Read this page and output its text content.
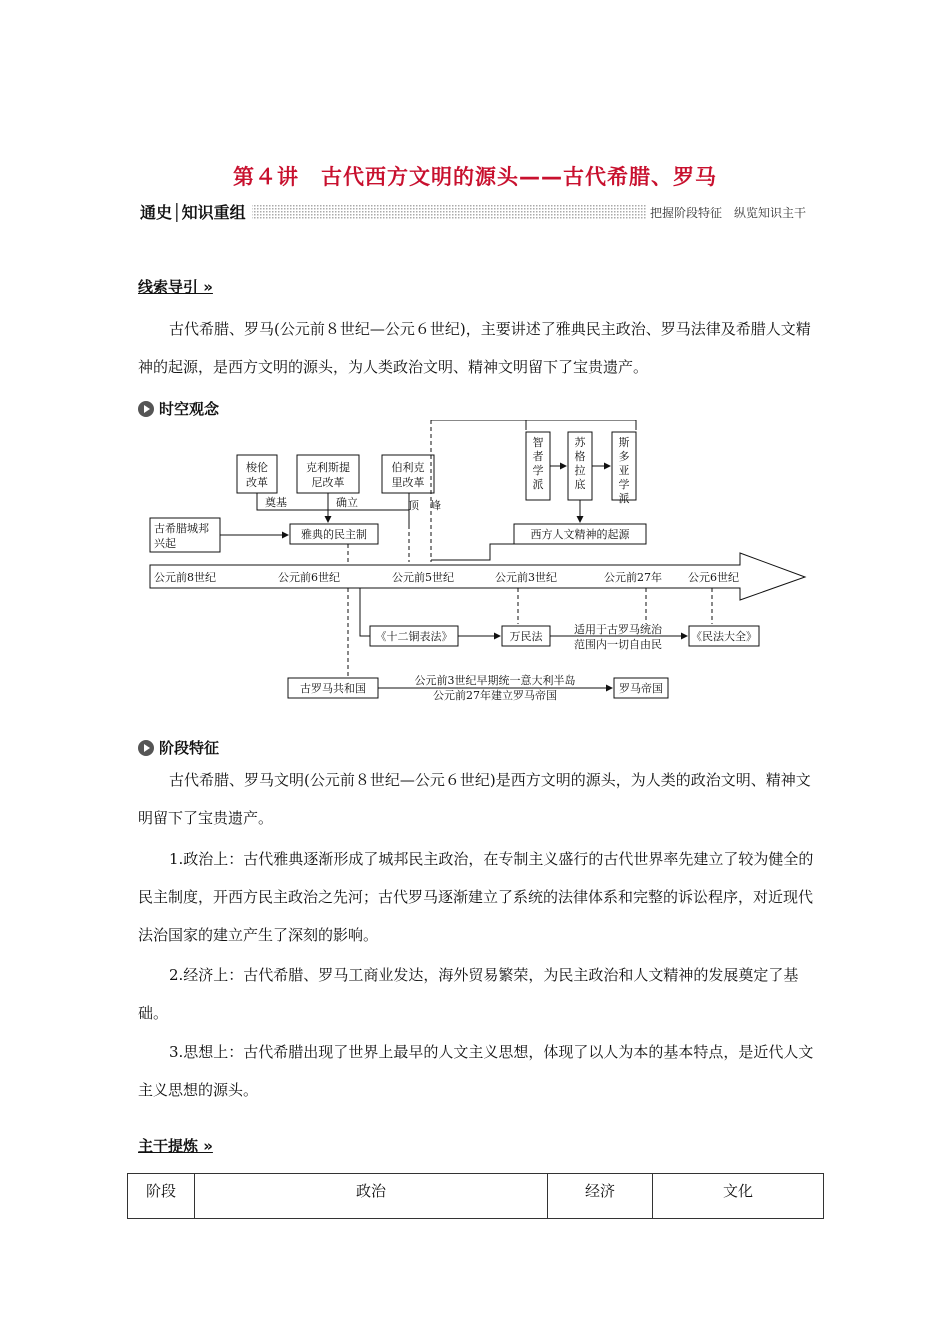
第４讲　古代西方文明的源头——古代希腊、罗马
通史│知识重组	把握阶段特征　纵览知识主干
线索导引 »
古代希腊、罗马(公元前８世纪—公元６世纪)，主要讲述了雅典民主政治、罗马法律及希腊人文精神的起源，是西方文明的源头，为人类政治文明、精神文明留下了宝贵遗产。
时空观念
公元前8世纪	公元前6世纪	公元前5世纪	公元前3世纪	公元前27年 公元6世纪
梭伦
改革
克利斯提
尼改革
伯利克
里改革
奠基	确立	顶　峰
古希腊城邦
兴起
雅典的民主制
智
者
学
派
苏
格
拉
底
斯
多
亚
学
派
西方人文精神的起源
《十二铜表法》	万民法
适用于古罗马统治
范围内一切自由民
《民法大全》
古罗马共和国
公元前3世纪早期统一意大利半岛
公元前27年建立罗马帝国
罗马帝国
阶段特征
古代希腊、罗马文明(公元前８世纪—公元６世纪)是西方文明的源头，为人类的政治文明、精神文明留下了宝贵遗产。
1.政治上：古代雅典逐渐形成了城邦民主政治，在专制主义盛行的古代世界率先建立了较为健全的民主制度，开西方民主政治之先河；古代罗马逐渐建立了系统的法律体系和完整的诉讼程序，对近现代法治国家的建立产生了深刻的影响。
2.经济上：古代希腊、罗马工商业发达，海外贸易繁荣，为民主政治和人文精神的发展奠定了基础。
3.思想上：古代希腊出现了世界上最早的人文主义思想，体现了以人为本的基本特点，是近代人文主义思想的源头。
主干提炼 »
阶段	政治	经济	文化
